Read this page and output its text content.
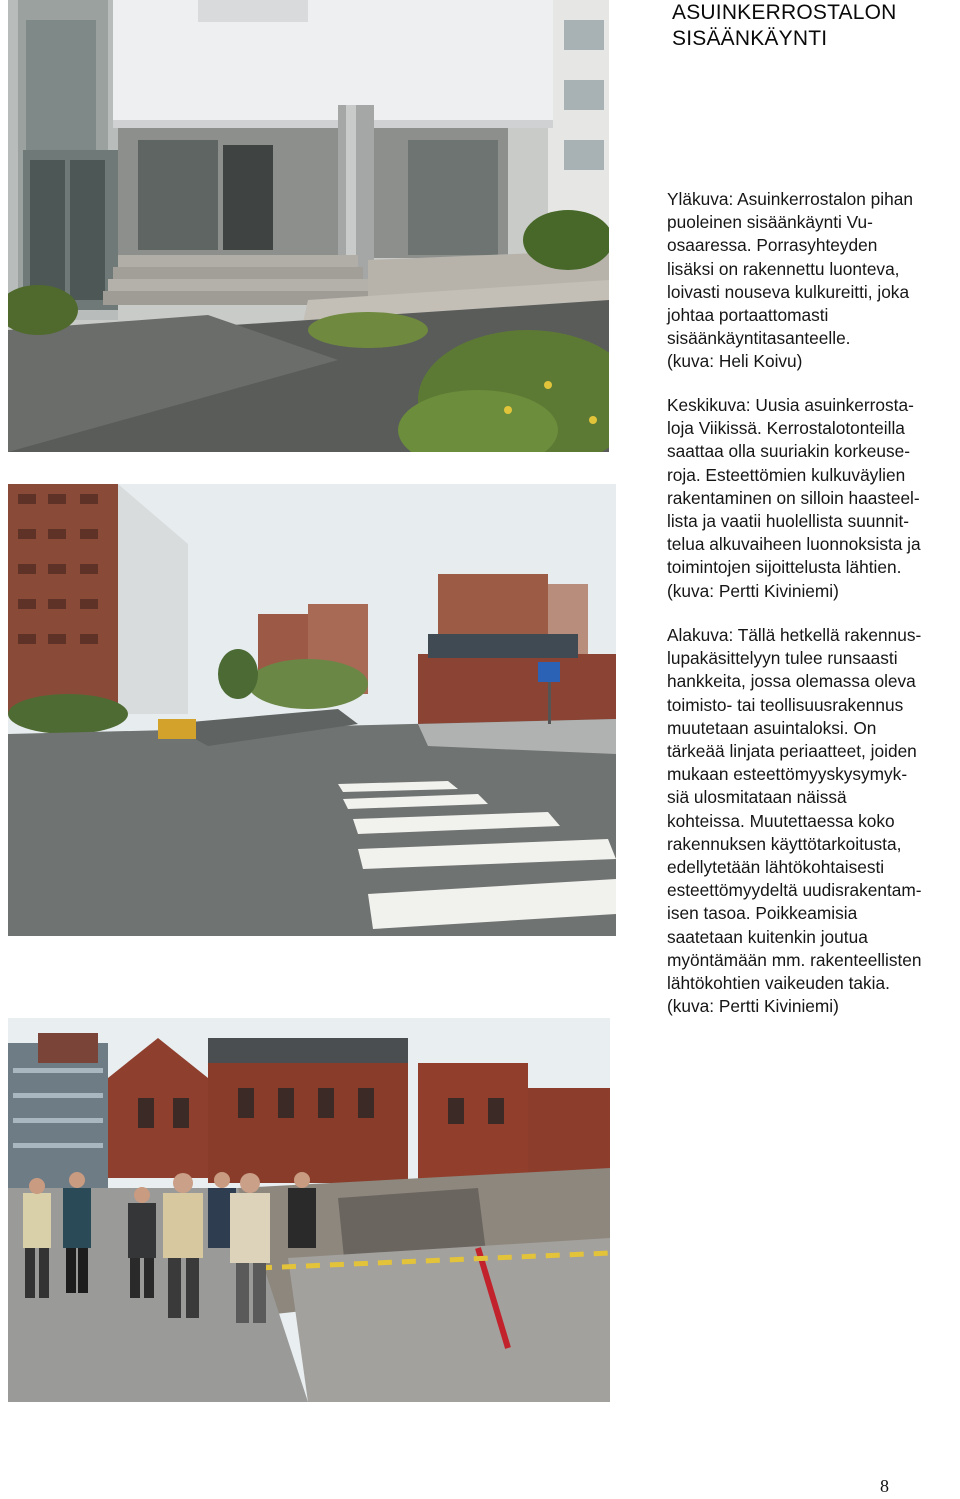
ASUINKERROSTALON
SISÄÄNKÄYNTI
Yläkuva: Asuinkerrostalon pihan
puoleinen sisäänkäynti Vu-
osaaressa. Porrasyhteyden
lisäksi on rakennettu luonteva,
loivasti nouseva kulkureitti, joka
johtaa portaattomasti
sisäänkäyntitasanteelle.
(kuva: Heli Koivu)
Keskikuva: Uusia asuinkerrosta-
loja Viikissä. Kerrostalotonteilla
saattaa olla suuriakin korkeuse-
roja. Esteettömien kulkuväylien
rakentaminen on silloin haasteel-
lista ja vaatii huolellista suunnit-
telua alkuvaiheen luonnoksista ja
toimintojen sijoittelusta lähtien.
(kuva: Pertti Kiviniemi)
Alakuva: Tällä hetkellä rakennus-
lupakäsittelyyn tulee runsaasti
hankkeita, jossa olemassa oleva
toimisto- tai teollisuusrakennus
muutetaan asuintaloksi. On
tärkeää linjata periaatteet, joiden
mukaan esteettömyyskysymyk-
siä ulosmitataan näissä
kohteissa. Muutettaessa koko
rakennuksen käyttötarkoitusta,
edellytetään lähtökohtaisesti
esteettömyydeltä uudisrakentam-
isen tasoa. Poikkeamisia
saatetaan kuitenkin joutua
myöntämään mm. rakenteellisten
lähtökohtien vaikeuden takia.
(kuva: Pertti Kiviniemi)
8
